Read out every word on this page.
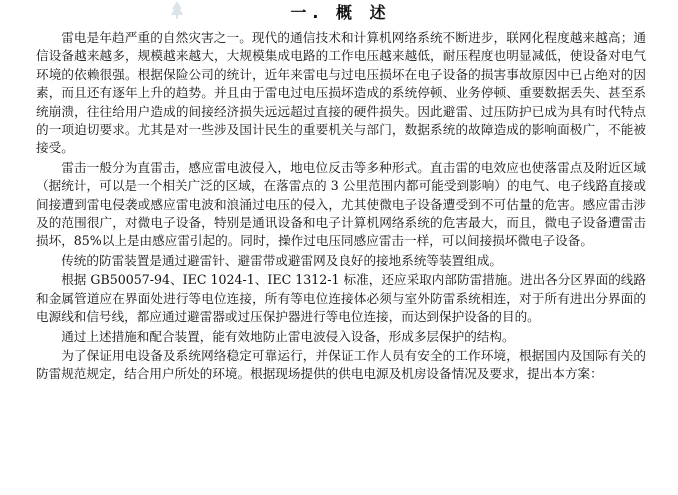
一. 概 述

雷电是年趋严重的自然灾害之一。现代的通信技术和计算机网络系统不断进步，联网化程度越来越高；通信设备越来越多，规模越来越大，大规模集成电路的工作电压越来越低，耐压程度也明显减低，使设备对电气环境的依赖很强。根据保险公司的统计，近年来雷电与过电压损坏在电子设备的损害事故原因中已占绝对的因素，而且还有逐年上升的趋势。并且由于雷电过电压损坏造成的系统停顿、业务停顿、重要数据丢失、甚至系统崩溃，往往给用户造成的间接经济损失远远超过直接的硬件损失。因此避雷、过压防护已成为具有时代特点的一项迫切要求。尤其是对一些涉及国计民生的重要机关与部门，数据系统的故障造成的影响面极广，不能被接受。

雷击一般分为直雷击，感应雷电波侵入，地电位反击等多种形式。直击雷的电效应也使落雷点及附近区域（据统计，可以是一个相关广泛的区域，在落雷点的 3 公里范围内都可能受到影响）的电气、电子线路直接或间接遭到雷电侵袭或感应雷电波和浪涌过电压的侵入，尤其使微电子设备遭受到不可估量的危害。感应雷击涉及的范围很广，对微电子设备，特别是通讯设备和电子计算机网络系统的危害最大，而且，微电子设备遭雷击损坏，85%以上是由感应雷引起的。同时，操作过电压同感应雷击一样，可以间接损坏微电子设备。

传统的防雷装置是通过避雷针、避雷带或避雷网及良好的接地系统等装置组成。

根据 GB50057-94、IEC 1024-1、IEC 1312-1 标准，还应采取内部防雷措施。进出各分区界面的线路和金属管道应在界面处进行等电位连接，所有等电位连接体必须与室外防雷系统相连，对于所有进出分界面的电源线和信号线，都应通过避雷器或过压保护器进行等电位连接，而达到保护设备的目的。

通过上述措施和配合装置，能有效地防止雷电波侵入设备，形成多层保护的结构。

为了保证用电设备及系统网络稳定可靠运行，并保证工作人员有安全的工作环境，根据国内及国际有关的防雷规范规定，结合用户所处的环境。根据现场提供的供电电源及机房设备情况及要求，提出本方案：
